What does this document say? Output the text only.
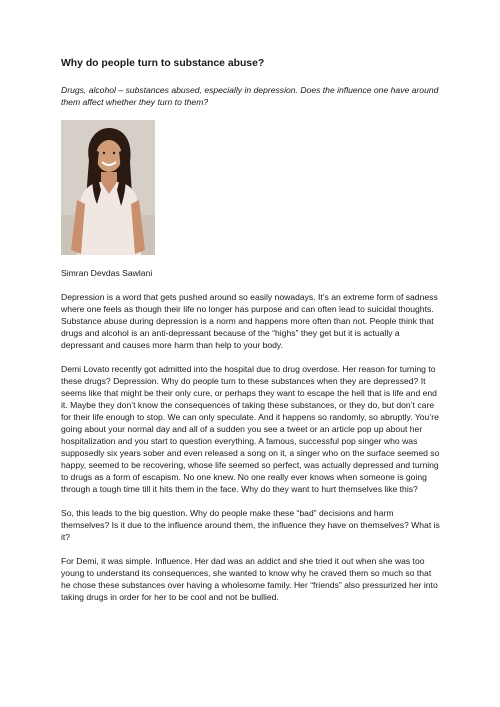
Why do people turn to substance abuse?
Drugs, alcohol – substances abused, especially in depression. Does the influence one have around them affect whether they turn to them?
Simran Devdas Sawlani
Depression is a word that gets pushed around so easily nowadays. It’s an extreme form of sadness where one feels as though their life no longer has purpose and can often lead to suicidal thoughts. Substance abuse during depression is a norm and happens more often than not. People think that drugs and alcohol is an anti-depressant because of the “highs” they get but it is actually a depressant and causes more harm than help to your body.
Demi Lovato recently got admitted into the hospital due to drug overdose. Her reason for turning to these drugs? Depression. Why do people turn to these substances when they are depressed? It seems like that might be their only cure, or perhaps they want to escape the hell that is life and end it. Maybe they don’t know the consequences of taking these substances, or they do, but don’t care for their life enough to stop. We can only speculate. And it happens so randomly, so abruptly. You’re going about your normal day and all of a sudden you see a tweet or an article pop up about her hospitalization and you start to question everything. A famous, successful pop singer who was supposedly six years sober and even released a song on it, a singer who on the surface seemed so happy, seemed to be recovering, whose life seemed so perfect, was actually depressed and turning to drugs as a form of escapism. No one knew. No one really ever knows when someone is going through a tough time till it hits them in the face. Why do they want to hurt themselves like this?
So, this leads to the big question. Why do people make these “bad” decisions and harm themselves? Is it due to the influence around them, the influence they have on themselves? What is it?
For Demi, it was simple. Influence. Her dad was an addict and she tried it out when she was too young to understand its consequences, she wanted to know why he craved them so much so that he chose these substances over having a wholesome family. Her “friends” also pressurized her into taking drugs in order for her to be cool and not be bullied.
